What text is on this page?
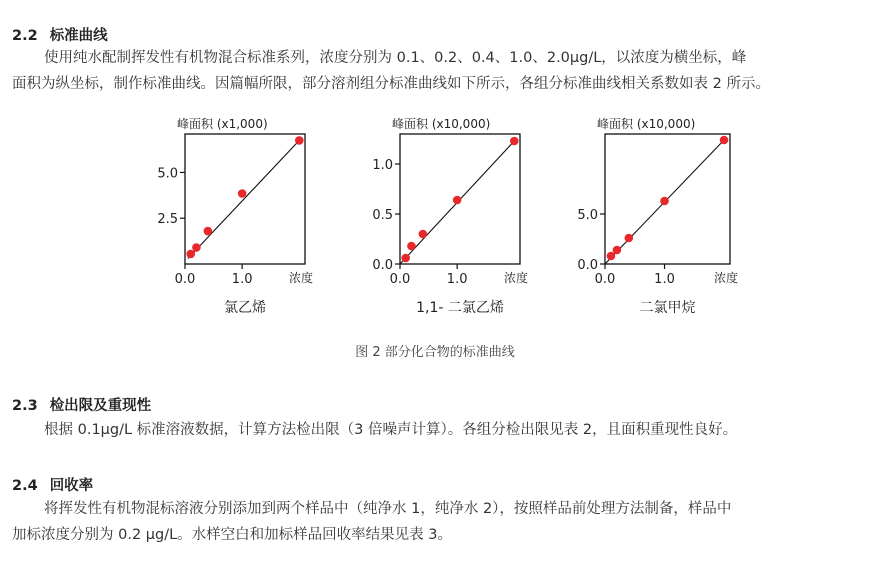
2.2 标准曲线
使用纯水配制挥发性有机物混合标准系列，浓度分别为 0.1、0.2、0.4、1.0、2.0μg/L，以浓度为横坐标，峰
面积为纵坐标，制作标准曲线。因篇幅所限，部分溶剂组分标准曲线如下所示，各组分标准曲线相关系数如表 2 所示。
峰面积 (x1,000)
2.5
5.0
0.0	1.0	浓度
氯乙烯
峰面积 (x10,000)
0.0
0.5
1.0
0.0	1.0	浓度
1,1- 二氯乙烯
峰面积 (x10,000)
0.0
5.0
0.0	1.0	浓度
二氯甲烷
图 2 部分化合物的标准曲线
2.3 检出限及重现性
根据 0.1μg/L 标准溶液数据，计算方法检出限（3 倍噪声计算）。各组分检出限见表 2，且面积重现性良好。
2.4 回收率
将挥发性有机物混标溶液分别添加到两个样品中（纯净水 1，纯净水 2），按照样品前处理方法制备，样品中
加标浓度分别为 0.2 μg/L。水样空白和加标样品回收率结果见表 3。
